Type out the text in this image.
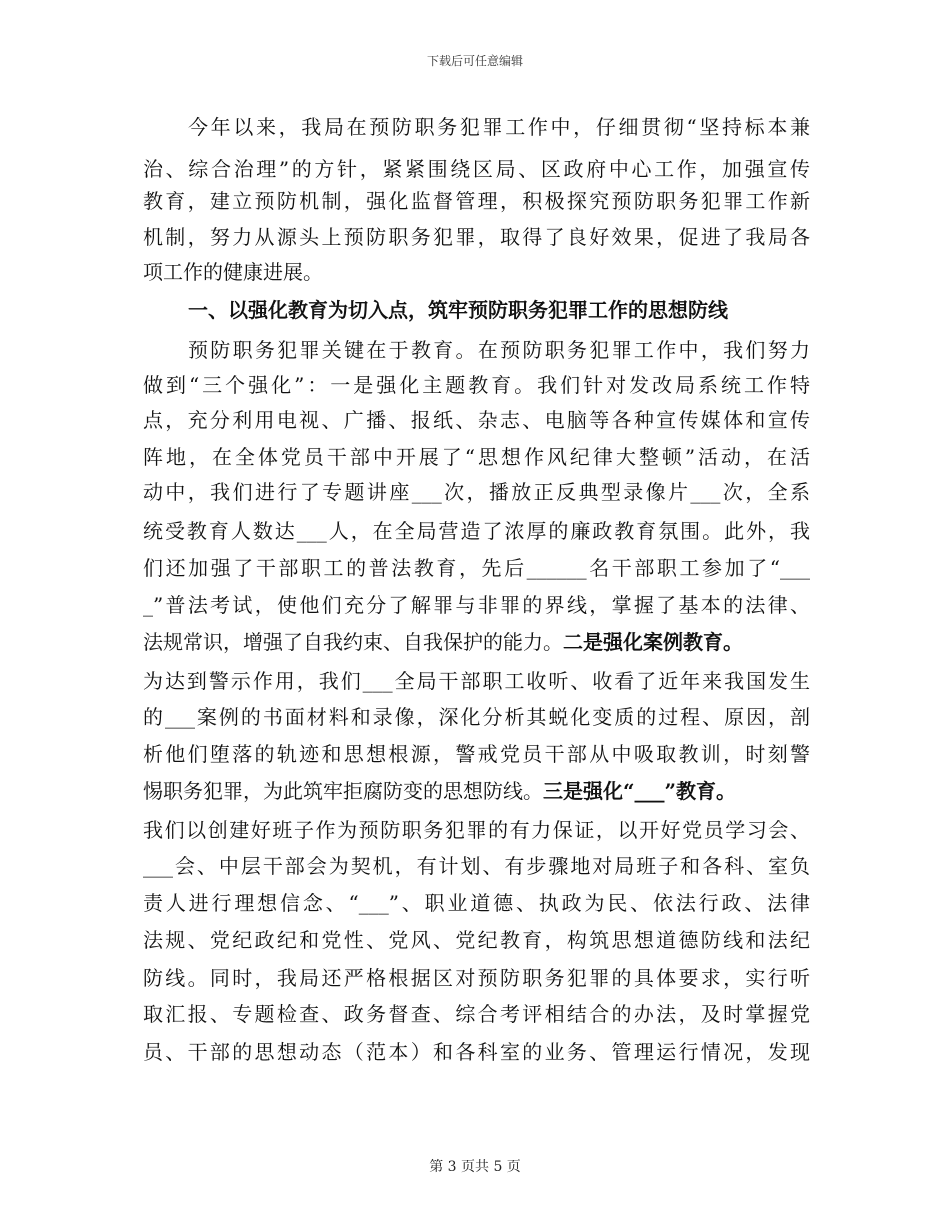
下载后可任意编辑
今年以来，我局在预防职务犯罪工作中，仔细贯彻“坚持标本兼
治、综合治理”的方针，紧紧围绕区局、区政府中心工作，加强宣传
教育，建立预防机制，强化监督管理，积极探究预防职务犯罪工作新
机制，努力从源头上预防职务犯罪，取得了良好效果，促进了我局各
项工作的健康进展。
一、以强化教育为切入点，筑牢预防职务犯罪工作的思想防线
预防职务犯罪关键在于教育。在预防职务犯罪工作中，我们努力
做到“三个强化”：一是强化主题教育。我们针对发改局系统工作特
点，充分利用电视、广播、报纸、杂志、电脑等各种宣传媒体和宣传
阵地，在全体党员干部中开展了“思想作风纪律大整顿”活动，在活
动中，我们进行了专题讲座___次，播放正反典型录像片___次，全系
统受教育人数达___人，在全局营造了浓厚的廉政教育氛围。此外，我
们还加强了干部职工的普法教育，先后______名干部职工参加了“___
_”普法考试，使他们充分了解罪与非罪的界线，掌握了基本的法律、
法规常识，增强了自我约束、自我保护的能力。二是强化案例教育。
为达到警示作用，我们___全局干部职工收听、收看了近年来我国发生
的___案例的书面材料和录像，深化分析其蜕化变质的过程、原因，剖
析他们堕落的轨迹和思想根源，警戒党员干部从中吸取教训，时刻警
惕职务犯罪，为此筑牢拒腐防变的思想防线。三是强化“___”教育。
我们以创建好班子作为预防职务犯罪的有力保证，以开好党员学习会、
___会、中层干部会为契机，有计划、有步骤地对局班子和各科、室负
责人进行理想信念、“___”、职业道德、执政为民、依法行政、法律
法规、党纪政纪和党性、党风、党纪教育，构筑思想道德防线和法纪
防线。同时，我局还严格根据区对预防职务犯罪的具体要求，实行听
取汇报、专题检查、政务督查、综合考评相结合的办法，及时掌握党
员、干部的思想动态（范本）和各科室的业务、管理运行情况，发现
第 3 页共 5 页
